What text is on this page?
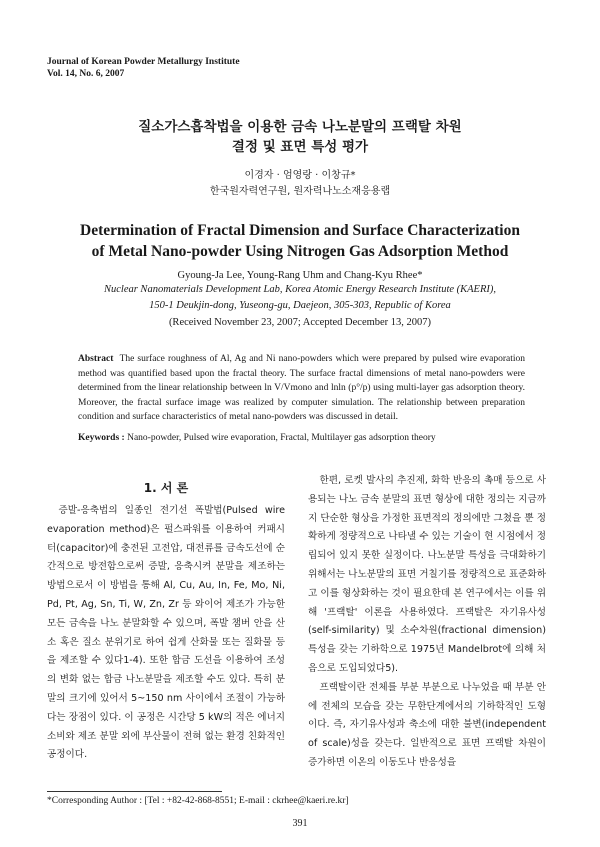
Journal of Korean Powder Metallurgy Institute
Vol. 14, No. 6, 2007
질소가스흡착법을 이용한 금속 나노분말의 프랙탈 차원
결정 및 표면 특성 평가
이경자 · 엄영랑 · 이창규*
한국원자력연구원, 원자력나노소재응용랩
Determination of Fractal Dimension and Surface Characterization
of Metal Nano-powder Using Nitrogen Gas Adsorption Method
Gyoung-Ja Lee, Young-Rang Uhm and Chang-Kyu Rhee*
Nuclear Nanomaterials Development Lab, Korea Atomic Energy Research Institute (KAERI),
150-1 Deukjin-dong, Yuseong-gu, Daejeon, 305-303, Republic of Korea
(Received November 23, 2007; Accepted December 13, 2007)
Abstract The surface roughness of Al, Ag and Ni nano-powders which were prepared by pulsed wire evaporation method was quantified based upon the fractal theory. The surface fractal dimensions of metal nano-powders were determined from the linear relationship between ln V/Vmono and lnln (p°/p) using multi-layer gas adsorption theory. Moreover, the fractal surface image was realized by computer simulation. The relationship between preparation condition and surface characteristics of metal nano-powders was discussed in detail.
Keywords : Nano-powder, Pulsed wire evaporation, Fractal, Multilayer gas adsorption theory
1. 서 론

증발-응축법의 일종인 전기선 폭발법(Pulsed wire evaporation method)은 펄스파워를 이용하여 커패시터(capacitor)에 충전된 고전압, 대전류를 금속도선에 순간적으로 방전함으로써 증발, 응축시켜 분말을 제조하는 방법으로서 이 방법을 통해 Al, Cu, Au, In, Fe, Mo, Ni, Pd, Pt, Ag, Sn, Ti, W, Zn, Zr 등 와이어 제조가 가능한 모든 금속을 나노 분말화할 수 있으며, 폭발 챔버 안을 산소 혹은 질소 분위기로 하여 쉽게 산화물 또는 질화물 등을 제조할 수 있다1-4). 또한 합금 도선을 이용하여 조성의 변화 없는 합금 나노분말을 제조할 수도 있다. 특히 분말의 크기에 있어서 5~150 nm 사이에서 조절이 가능하다는 장점이 있다. 이 공정은 시간당 5 kW의 적은 에너지 소비와 제조 분말 외에 부산물이 전혀 없는 환경 친화적인 공정이다.

한편, 로켓 발사의 추진제, 화학 반응의 촉매 등으로 사용되는 나노 금속 분말의 표면 형상에 대한 정의는 지금까지 단순한 형상을 가정한 표면적의 정의에만 그쳤을 뿐 정확하게 정량적으로 나타낼 수 있는 기술이 현 시점에서 정립되어 있지 못한 실정이다. 나노분말 특성을 극대화하기 위해서는 나노분말의 표면 거칠기를 정량적으로 표준화하고 이를 형상화하는 것이 필요한데 본 연구에서는 이를 위해 '프랙탈' 이론을 사용하였다. 프랙탈은 자기유사성(self-similarity) 및 소수차원(fractional dimension) 특성을 갖는 기하학으로 1975년 Mandelbrot에 의해 처음으로 도입되었다5).

프랙탈이란 전체를 부분 부분으로 나누었을 때 부분 안에 전체의 모습을 갖는 무한단계에서의 기하학적인 도형이다. 즉, 자기유사성과 축소에 대한 불변(independent of scale)성을 갖는다. 일반적으로 표면 프랙탈 차원이 증가하면 이온의 이동도나 반응성을

*Corresponding Author : [Tel : +82-42-868-8551; E-mail : ckrhee@kaeri.re.kr]
391
